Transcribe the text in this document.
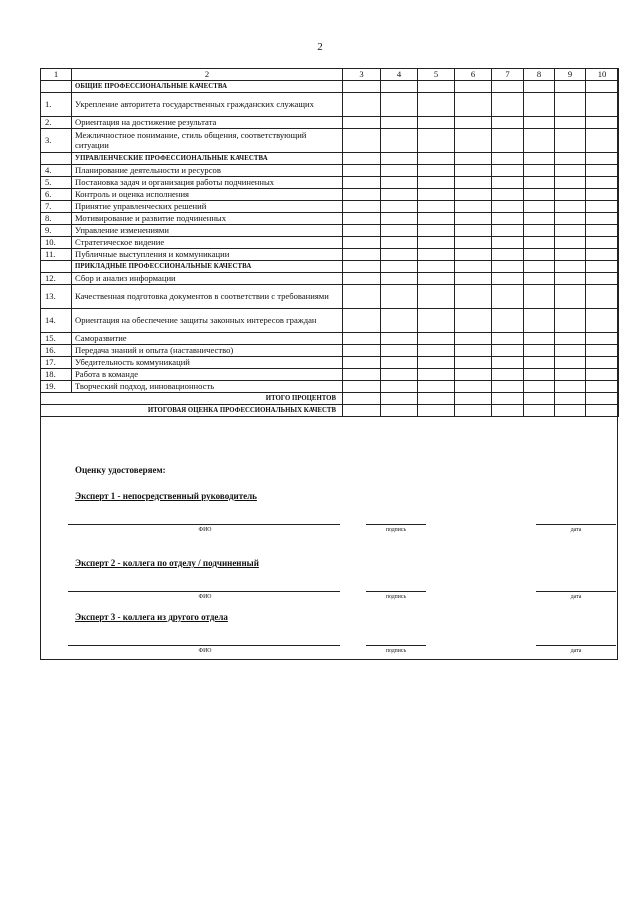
2
1	2	3	4	5	6	7	8	9	10
	ОБЩИЕ ПРОФЕССИОНАЛЬНЫЕ КАЧЕСТВА								
1.	Укрепление авторитета государственных гражданских служащих								
2.	Ориентация на достижение результата								
3.	Межличностное понимание, стиль общения, соответствующий ситуации								
	УПРАВЛЕНЧЕСКИЕ ПРОФЕССИОНАЛЬНЫЕ КАЧЕСТВА								
4.	Планирование деятельности и ресурсов								
5.	Постановка задач и организация работы подчиненных								
6.	Контроль и оценка исполнения								
7.	Принятие управленческих решений								
8.	Мотивирование и развитие подчиненных								
9.	Управление изменениями								
10.	Стратегическое видение								
11.	Публичные выступления и коммуникации								
	ПРИКЛАДНЫЕ ПРОФЕССИОНАЛЬНЫЕ КАЧЕСТВА								
12.	Сбор и анализ информации								
13.	Качественная подготовка документов в соответствии с требованиями								
14.	Ориентация на обеспечение защиты законных интересов граждан								
15.	Саморазвитие								
16.	Передача знаний и опыта (наставничество)								
17.	Убедительность коммуникаций								
18.	Работа в команде								
19.	Творческий подход, инновационность								
ИТОГО ПРОЦЕНТОВ									
ИТОГОВАЯ ОЦЕНКА ПРОФЕССИОНАЛЬНЫХ КАЧЕСТВ									
Оценку удостоверяем:
Эксперт 1 - непосредственный руководитель
ФИО	подпись	дата
Эксперт 2 - коллега по отделу / подчиненный
ФИО	подпись	дата
Эксперт 3 - коллега из другого отдела
ФИО	подпись	дата
